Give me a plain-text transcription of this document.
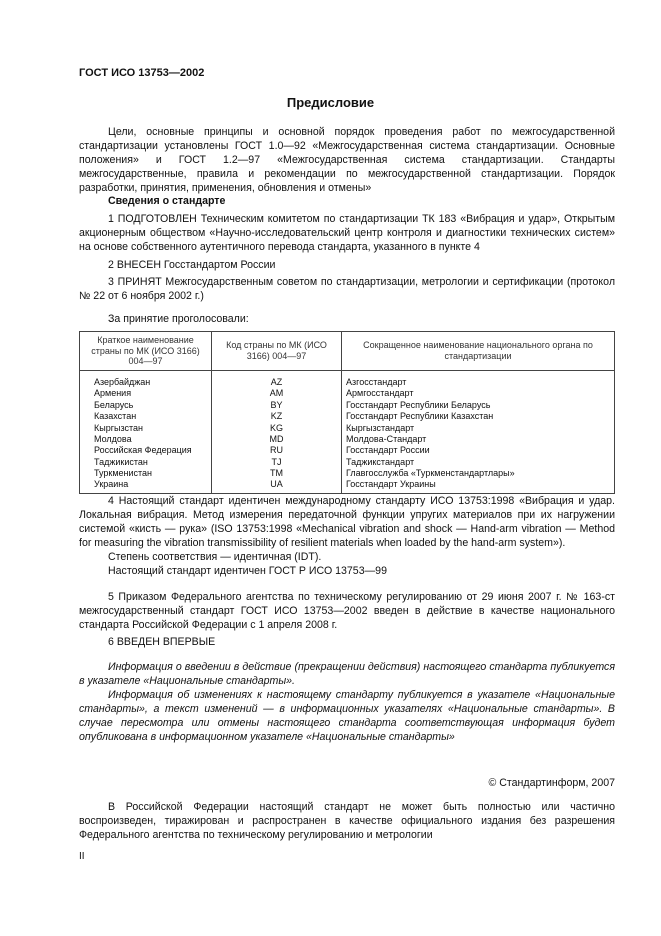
ГОСТ ИСО 13753—2002
Предисловие

Цели, основные принципы и основной порядок проведения работ по межгосударственной стандартизации установлены ГОСТ 1.0—92 «Межгосударственная система стандартизации. Основные положения» и ГОСТ 1.2—97 «Межгосударственная система стандартизации. Стандарты межгосударственные, правила и рекомендации по межгосударственной стандартизации. Порядок разработки, принятия, применения, обновления и отмены»

Сведения о стандарте

1 ПОДГОТОВЛЕН Техническим комитетом по стандартизации ТК 183 «Вибрация и удар», Открытым акционерным обществом «Научно-исследовательский центр контроля и диагностики технических систем» на основе собственного аутентичного перевода стандарта, указанного в пункте 4

2 ВНЕСЕН Госстандартом России

3 ПРИНЯТ Межгосударственным советом по стандартизации, метрологии и сертификации (протокол № 22 от 6 ноября 2002 г.)

За принятие проголосовали:

Краткое наименование страны по МК (ИСО 3166) 004—97	Код страны по МК (ИСО 3166) 004—97	Сокращенное наименование национального органа по стандартизации
Азербайджан	AZ	Азгосстандарт
Армения	AM	Армгосстандарт
Беларусь	BY	Госстандарт Республики Беларусь
Казахстан	KZ	Госстандарт Республики Казахстан
Кыргызстан	KG	Кыргызстандарт
Молдова	MD	Молдова-Стандарт
Российская Федерация	RU	Госстандарт России
Таджикистан	TJ	Таджикстандарт
Туркменистан	TM	Главгосслужба «Туркменстандартлары»
Украина	UA	Госстандарт Украины

4 Настоящий стандарт идентичен международному стандарту ИСО 13753:1998 «Вибрация и удар. Локальная вибрация. Метод измерения передаточной функции упругих материалов при их нагружении системой «кисть — рука» (ISO 13753:1998 «Mechanical vibration and shock — Hand-arm vibration — Method for measuring the vibration transmissibility of resilient materials when loaded by the hand-arm system»).

Степень соответствия — идентичная (IDT).

Настоящий стандарт идентичен ГОСТ Р ИСО 13753—99

5 Приказом Федерального агентства по техническому регулированию от 29 июня 2007 г. № 163-ст межгосударственный стандарт ГОСТ ИСО 13753—2002 введен в действие в качестве национального стандарта Российской Федерации с 1 апреля 2008 г.

6 ВВЕДЕН ВПЕРВЫЕ

Информация о введении в действие (прекращении действия) настоящего стандарта публикуется в указателе «Национальные стандарты».

Информация об изменениях к настоящему стандарту публикуется в указателе «Национальные стандарты», а текст изменений — в информационных указателях «Национальные стандарты». В случае пересмотра или отмены настоящего стандарта соответствующая информация будет опубликована в информационном указателе «Национальные стандарты»

© Стандартинформ, 2007

В Российской Федерации настоящий стандарт не может быть полностью или частично воспроизведен, тиражирован и распространен в качестве официального издания без разрешения Федерального агентства по техническому регулированию и метрологии

II
